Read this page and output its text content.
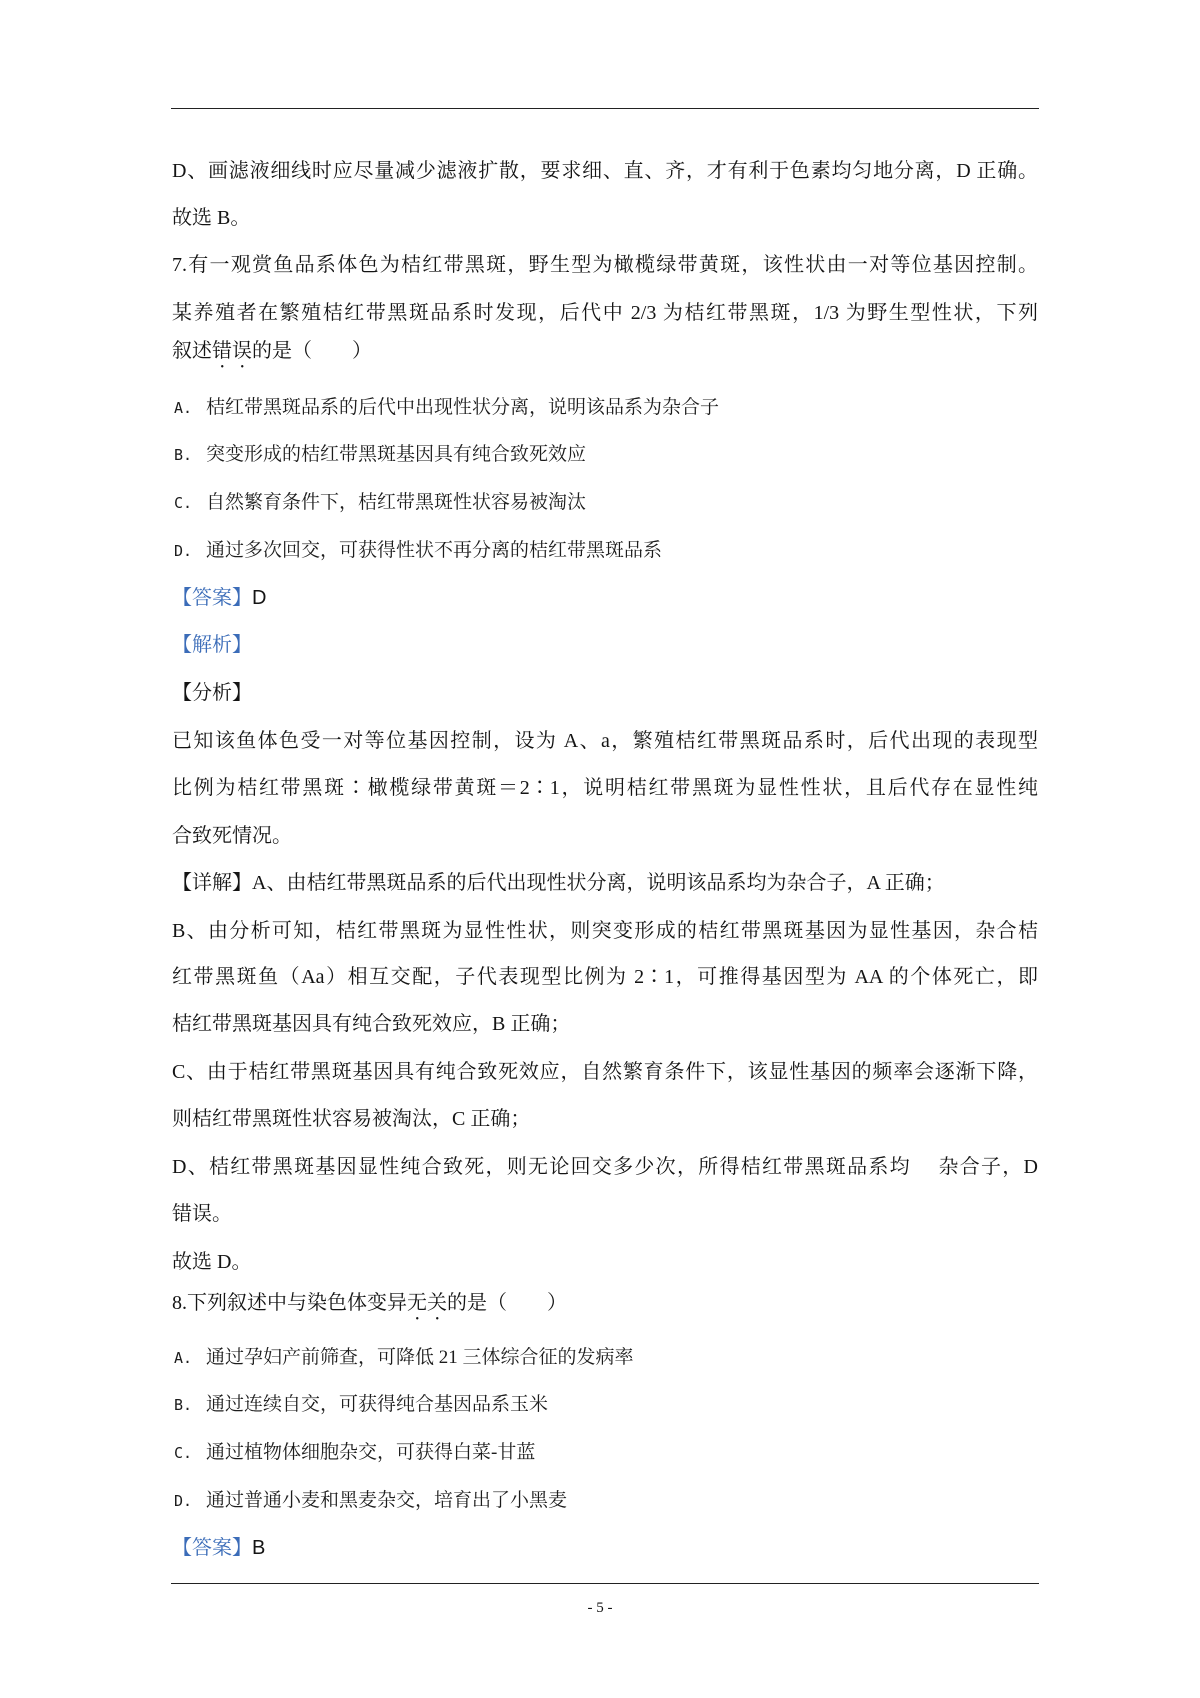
D、画滤液细线时应尽量减少滤液扩散，要求细、直、齐，才有利于色素均匀地分离，D 正确。
故选 B。
7.有一观赏鱼品系体色为桔红带黑斑，野生型为橄榄绿带黄斑，该性状由一对等位基因控制。
某养殖者在繁殖桔红带黑斑品系时发现，后代中 2/3 为桔红带黑斑，1/3 为野生型性状，下列
叙述错误的是（　　）
A. 桔红带黑斑品系的后代中出现性状分离，说明该品系为杂合子
B. 突变形成的桔红带黑斑基因具有纯合致死效应
C. 自然繁育条件下，桔红带黑斑性状容易被淘汰
D. 通过多次回交，可获得性状不再分离的桔红带黑斑品系
【答案】D
【解析】
【分析】
已知该鱼体色受一对等位基因控制，设为 A、a，繁殖桔红带黑斑品系时，后代出现的表现型
比例为桔红带黑斑∶橄榄绿带黄斑＝2∶1，说明桔红带黑斑为显性性状，且后代存在显性纯
合致死情况。
【详解】A、由桔红带黑斑品系的后代出现性状分离，说明该品系均为杂合子，A 正确；
B、由分析可知，桔红带黑斑为显性性状，则突变形成的桔红带黑斑基因为显性基因，杂合桔
红带黑斑鱼（Aa）相互交配，子代表现型比例为 2∶1，可推得基因型为 AA 的个体死亡，即
桔红带黑斑基因具有纯合致死效应，B 正确；
C、由于桔红带黑斑基因具有纯合致死效应，自然繁育条件下，该显性基因的频率会逐渐下降，
则桔红带黑斑性状容易被淘汰，C 正确；
D、桔红带黑斑基因显性纯合致死，则无论回交多少次，所得桔红带黑斑品系均　 杂合子，D
错误。
故选 D。
8.下列叙述中与染色体变异无关的是（　　）
A. 通过孕妇产前筛查，可降低 21 三体综合征的发病率
B. 通过连续自交，可获得纯合基因品系玉米
C. 通过植物体细胞杂交，可获得白菜-甘蓝
D. 通过普通小麦和黑麦杂交，培育出了小黑麦
【答案】B
- 5 -
